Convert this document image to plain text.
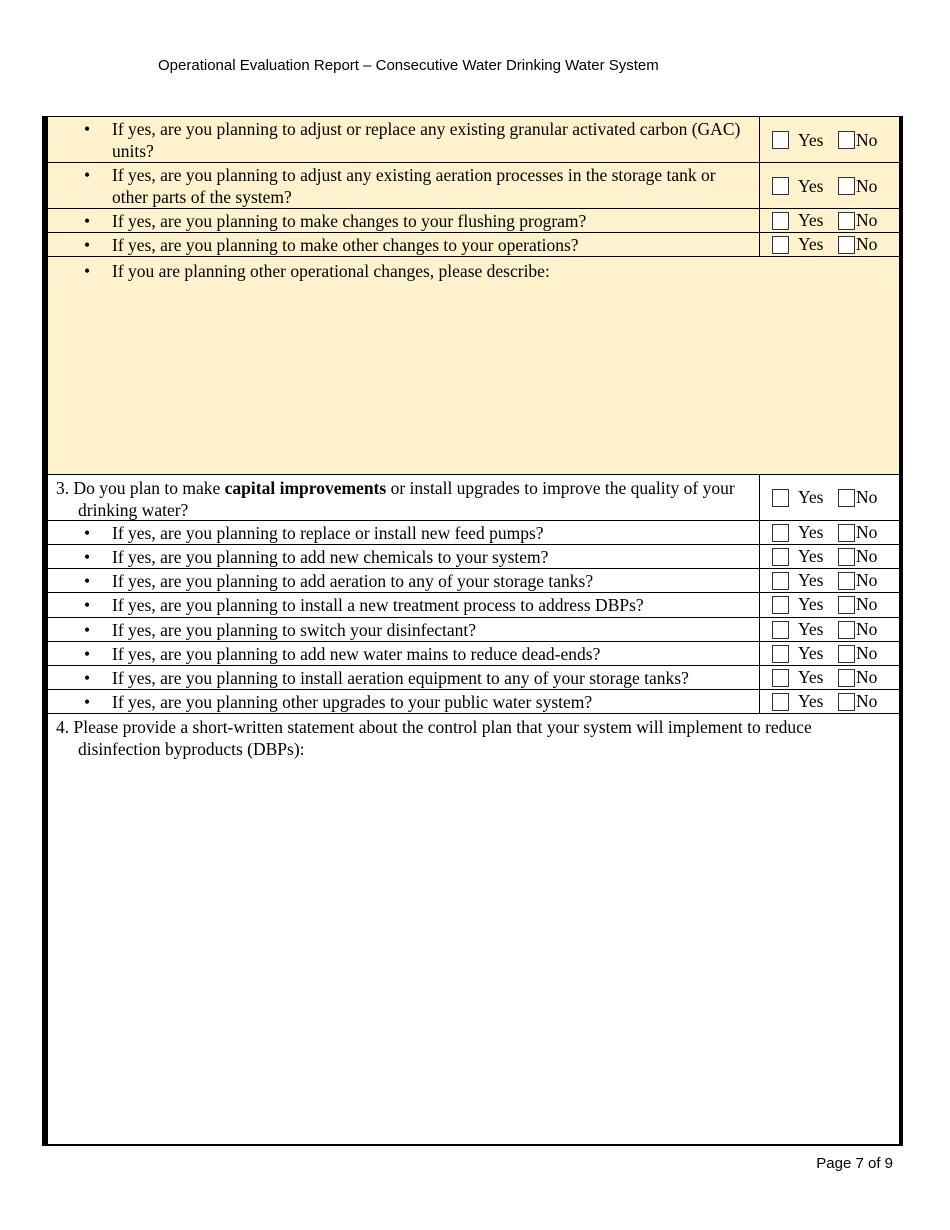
Operational Evaluation Report – Consecutive Water Drinking Water System
• If yes, are you planning to adjust or replace any existing granular activated carbon (GAC) units?
Yes No
• If yes, are you planning to adjust any existing aeration processes in the storage tank or other parts of the system?
Yes No
• If yes, are you planning to make changes to your flushing program?	Yes No
• If yes, are you planning to make other changes to your operations?	Yes No
• If you are planning other operational changes, please describe:
3. Do you plan to make capital improvements or install upgrades to improve the quality of your drinking water?
Yes No
• If yes, are you planning to replace or install new feed pumps?	Yes No
• If yes, are you planning to add new chemicals to your system?	Yes No
• If yes, are you planning to add aeration to any of your storage tanks?	Yes No
• If yes, are you planning to install a new treatment process to address DBPs?	Yes No
• If yes, are you planning to switch your disinfectant?	Yes No
• If yes, are you planning to add new water mains to reduce dead-ends?	Yes No
• If yes, are you planning to install aeration equipment to any of your storage tanks?	Yes No
• If yes, are you planning other upgrades to your public water system?	Yes No
4. Please provide a short-written statement about the control plan that your system will implement to reduce disinfection byproducts (DBPs):
Page 7 of 9
